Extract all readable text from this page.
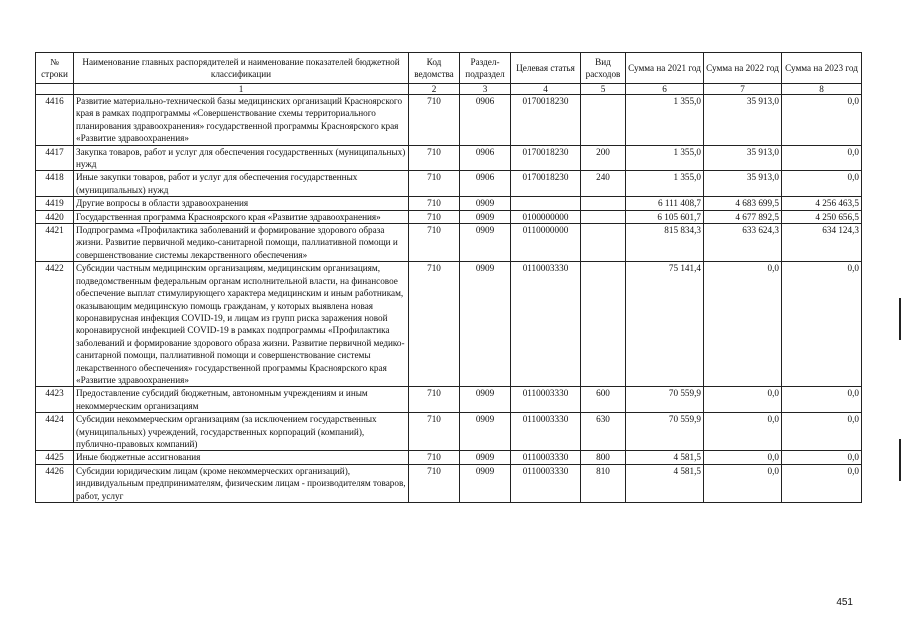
№ строки	Наименование главных распорядителей и наименование показателей бюджетной классификации	Код ведомства	Раздел-подраздел	Целевая статья	Вид расходов	Сумма на 2021 год	Сумма на 2022 год	Сумма на 2023 год
	1	2	3	4	5	6	7	8
4416	Развитие материально-технической базы медицинских организаций Красноярского края в рамках подпрограммы «Совершенствование схемы территориального планирования здравоохранения» государственной программы Красноярского края «Развитие здравоохранения»	710	0906	0170018230		1 355,0	35 913,0	0,0
4417	Закупка товаров, работ и услуг для обеспечения государственных (муниципальных) нужд	710	0906	0170018230	200	1 355,0	35 913,0	0,0
4418	Иные закупки товаров, работ и услуг для обеспечения государственных (муниципальных) нужд	710	0906	0170018230	240	1 355,0	35 913,0	0,0
4419	Другие вопросы в области здравоохранения	710	0909			6 111 408,7	4 683 699,5	4 256 463,5
4420	Государственная программа Красноярского края «Развитие здравоохранения»	710	0909	0100000000		6 105 601,7	4 677 892,5	4 250 656,5
4421	Подпрограмма «Профилактика заболеваний и формирование здорового образа жизни. Развитие первичной медико-санитарной помощи, паллиативной помощи и совершенствование системы лекарственного обеспечения»	710	0909	0110000000		815 834,3	633 624,3	634 124,3
4422	Субсидии частным медицинским организациям, медицинским организациям, подведомственным федеральным органам исполнительной власти, на финансовое обеспечение выплат стимулирующего характера медицинским и иным работникам, оказывающим медицинскую помощь гражданам, у которых выявлена новая коронавирусная инфекция COVID-19, и лицам из групп риска заражения новой коронавирусной инфекцией COVID-19 в рамках подпрограммы «Профилактика заболеваний и формирование здорового образа жизни. Развитие первичной медико-санитарной помощи, паллиативной помощи и совершенствование системы лекарственного обеспечения» государственной программы Красноярского края «Развитие здравоохранения»	710	0909	0110003330		75 141,4	0,0	0,0
4423	Предоставление субсидий бюджетным, автономным учреждениям и иным некоммерческим организациям	710	0909	0110003330	600	70 559,9	0,0	0,0
4424	Субсидии некоммерческим организациям (за исключением государственных (муниципальных) учреждений, государственных корпораций (компаний), публично-правовых компаний)	710	0909	0110003330	630	70 559,9	0,0	0,0
4425	Иные бюджетные ассигнования	710	0909	0110003330	800	4 581,5	0,0	0,0
4426	Субсидии юридическим лицам (кроме некоммерческих организаций), индивидуальным предпринимателям, физическим лицам - производителям товаров, работ, услуг	710	0909	0110003330	810	4 581,5	0,0	0,0
451
